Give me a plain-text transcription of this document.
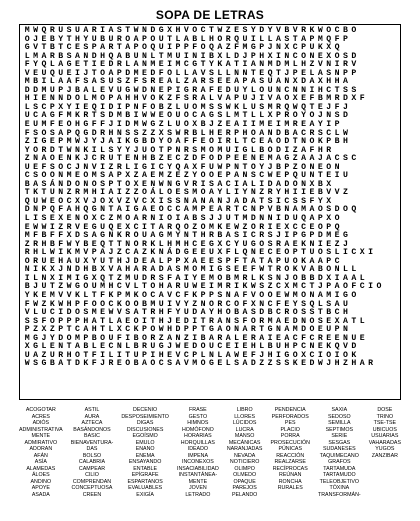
SOPA DE LETRAS
M W Q R U S U A R I A S T W N D G X H V O C T W Z E S Y D Y V B V R K W O C B O
O J E B Y T H Y U B U R O A P O U T L A B L H O R Q U I L L A S T A P M Q F P
G V T B T C E S P A R T A P O Q U I P P F O Q A Z F M G P J N X C P U K X Q
L M A R B S A N D H Q A B U N L T M U I N I B X L D J P H X I N C O N E X O S D
F Y Q L A G E T I E D R L A N M E I M C G T Y K A T I A N M D M L H Z V N I R V
V E U Q U E I J T O A P D M E D F O L L A V S L L N N T E Q T J P E L A S N P P
M B I L A A F S A S U S Z F S R E A L Z A R S E E A P A S U A N X D A X H H A
D D M U P J B A L E V U G W D N E P I G R A F E D U Y L O U N C N N I H C T S S
H I E N N D O L M O P A H H V O K Z F S R A L V A P U J I V A O X E F B M R D X F
L S C P X Y I E Q I D I P N F O B Z L U O M S S W K L U S M R Q W Q T E J F J
U C A G F M K R T S D M B I W W E O U O C A G S L M T L L X P R O Y O J N S D
E U M F E O H G F F J I D M W G Z L U O X B J Z E A I I M E I M R E A Y I P
F S O S A P Q G D R H N S S Z Z X S W R B L H E R P H O A N D B A C R S C L W
Z I G E P M W J Y J A I K G B D Y O A F F E O I R L T C E A O D T N O K P B H
Y O R D T W N K I L S Y Y J U O T P N R S M O M U I G L B O D I Z A F H R
Z N A O E N K J C R U T E N H B Z E C Z D F O D P E E N E M A G Z A A J A C S C
U E F S O C J N V I Z R L I G I C Y Q A X F U W P N T O Y J B P Z O N E O N
C S O O N M E O M S A P X Z A E M Z E Z Y O O E P A N S C W E P Q U N T E I U
B A S Á N D O N O S P T O X E N W N G V R I S A C I A L I D A D O N X B X
T K T U N Z R M H I A I Z Z O Á L O E S M O A Y L I Y N Z R Y H I I E B V V Z
Q U W E O C X V J O X V Z V C X I S S N A N A N J A D A T S I C S S F Y X
D N P Q F A H Q G N T A I G A E O C C A M P E A R T C N P V B N A M A O S D O Q
L I S E X E N O X C Z M O A R N I O I A B S J J U T M D N N I D U Q A P X O
E W W I Z R V E G U Q E X C I T A R Q O Z O M K E W Z O R I E X C C E O P Q
M F B F F X D S A G N K R O U A G M Y N T H R B A S I C R S J I P G P D M E G
Z R H B F W Y B E Q T T N O R K L H M H C E G X C Y U G O S R A E K N I E Z J
R H L W I K M V P A J Z C A Z K N Á D G E E U X F L Q N E C E O P T U O S L I C X I
O R U E H A U X Y U T H J D E A L P P X A E E S P F T A T A P U O K A A P C
N I K X J N D H B X V A H A R A D A S M O M I G S E E F W T R O K V A B O N L L
I L N X I M I G X Q T Z M U D R S F A I Y E M O B M R L K S N J O B B D X I A A L
B J U T Z W G O U M H C V L T O H A R U W E I M R I K W S Z C X M C T J P A O F C I O
Y K E M V V K L T F K P M K O C A V C F K P P S N A F V O O E W M O N A M I G O
F W Z K W H P F O O C K O O B M U I V Y Z N O R C O F X N C F E Y S Q L S A U
V L U C I D O S M E W V S A T R H F Y U D A Y H O B A S D B C R O S S T B C H
S S F O P P P H A T L A E O I T H J E D I T R A N S F O R M A E D N O S E X A T L
P Z X Z P T C A H T L X C K P O W H D P P T G A O N A R T G N A M D O E U P N
M G J Y D O M P B O U F I B O R Z A N Z I B A R A L E R A I E A C F C R E E N U E
X G L E N T A B L E C N L B R U G J W E D O U C E I E H L B U H P C N E K Q V D
U A Z U R H O T F I L I T U P I H E V C P L N L A W E F J H I G O X C I O I O K
W S G B A T D K F J R E O B A O C S A V M O G E L S A D Z Z S S K E D W J H Z H A R
ACOGOTAR
ACRES
ADIÓS
ADMINISTRATIVA
MENTE
ADMIRATIVO
ADORAN
AFÁN
ASÍA
ALAMEDAS
ÁLOES
ANDINO
APOYE
ASADA
ASTIL
AURA
AZTECA
BASÁNDONOS
BASIC
BIENAVENTURA-
DAS
BOLSO
CALABRIA
CAMPEAR
CILIO
COMPRENDAN
CONCEPTUOSA
CREEN
DECENIO
DESPOSEIMIENTO
DIGAS
DISCUSIONES
EGOÍSMO
EMULO
ENANO
ENEMA
ENSAYANDO
ENTABLE
EPÍGRAFE
ESPARTANOS
EVALUABLES
EXIGÍA
FRASE
GESTO
HIMNOS
HOMÓFONO
HORARIAS
HORQUILLAS
IDEADO
IMPENA
INCONEXOS
INSACIABILIDAD
INSTANTÁNEA-
MENTE
JOVEN
LETRADO
LIBRO
LLORES
LÚCIDOS
LUCRA
MANSO
MECÁNICAS
NARANJADAS
NEVADA
NOTICIERO
OLIMPO
OLMEDO
OPAQUE
PAREJOS
PELANDO
PENDENCIA
PERFORADOS
PES
PLACIO
PORRA
PROSECUCIÓN
PÚNICAS
REACCIÓN
REALZARSE
RECÍPROCAS
REÚNAN
RONCHA
RURALES
SAXIA
SEDOSO
SEMILLA
SEPTIMOS
SERIE
SESGAS
SUDANESES
TAQUIMECANO
GRAFOS
TARTAMUDA
TARTAMUDO
TELEOBJETIVO
TÓXINA
TRANSFORMÁN-
DOSE
TRINO
TSE-TSE
UBICUOS
USUARIAS
VAHARADAS
YUGOS
ZANZIBAR
